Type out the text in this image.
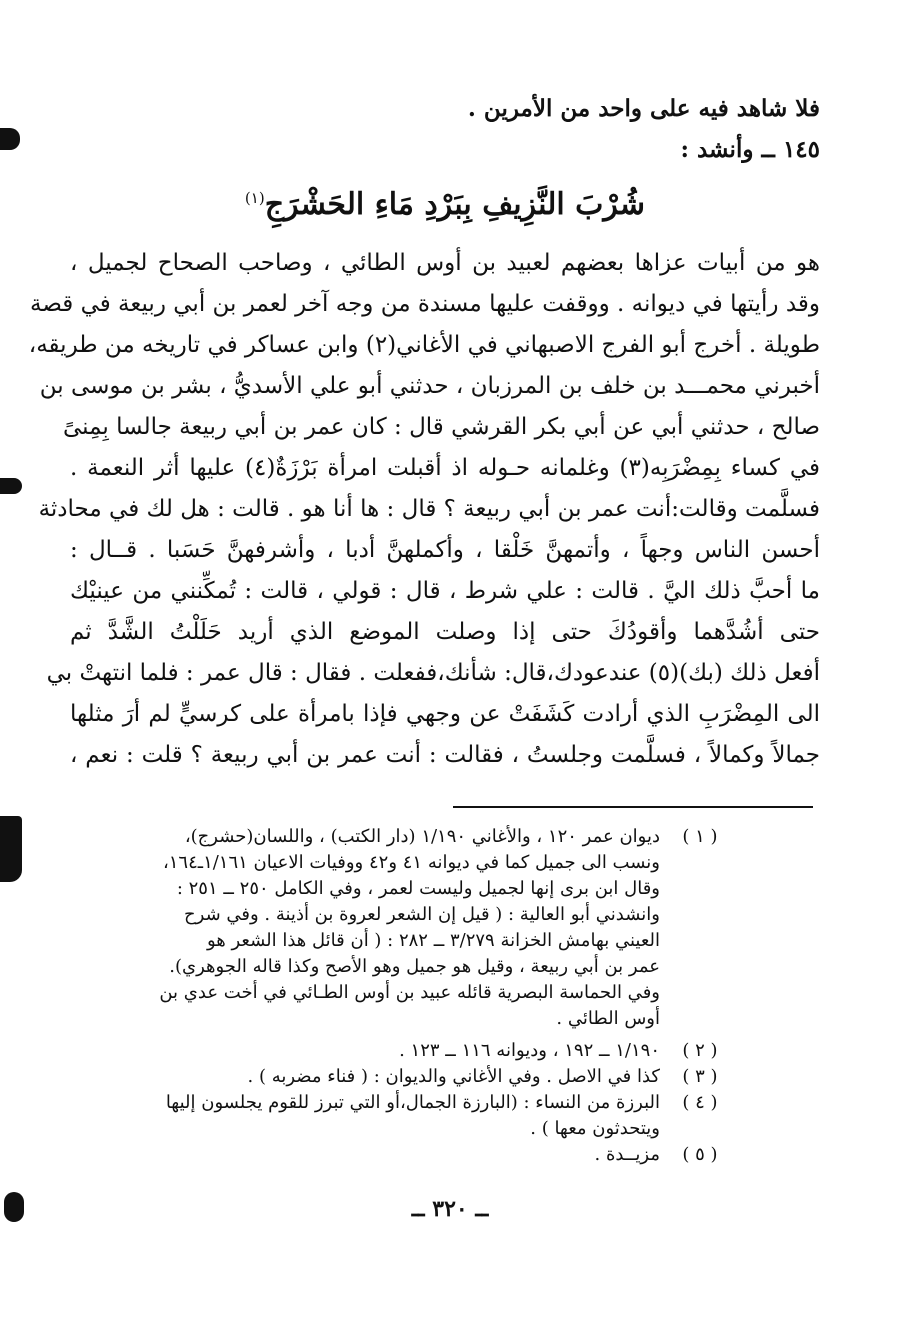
فلا شاهد فيه على واحد من الأمرين .
١٤٥ ــ وأنشد :
شُرْبَ النَّزِيفِ بِبَرْدِ مَاءِ الحَشْرَجِ$^{(١)}$
هو من أبيات عزاها بعضهم لعبيد بن أوس الطائي ، وصاحب الصحاح لجميل ،
وقد رأيتها في ديوانه . ووقفت عليها مسندة من وجه آخر لعمر بن أبي ربيعة في قصة
طويلة . أخرج أبو الفرج الاصبهاني في الأغاني(٢) وابن عساكر في تاريخه من طريقه،
أخبرني محمـــد بن خلف بن المرزبان ، حدثني أبو علي الأسديُّ ، بشر بن موسى بن
صالح ، حدثني أبي عن أبي بكر القرشي قال : كان عمر بن أبي ربيعة جالسا بِمِنىً
في كساء بِمِضْرَبِه(٣) وغلمانه حـوله اذ أقبلت امرأة بَرْزَةٌ(٤) عليها أثر النعمة .
فسلَّمت وقالت:أنت عمر بن أبي ربيعة ؟ قال : ها أنا هو . قالت : هل لك في محادثة
أحسن الناس وجهاً ، وأتمهنَّ خَلْقا ، وأكملهنَّ أدبا ، وأشرفهنَّ حَسَبا . قــال :
ما أحبَّ ذلك اليَّ . قالت : علي شرط ، قال : قولي ، قالت : تُمكِّنني من عينيْك
حتى أشُدَّهما وأقودُكَ حتى إذا وصلت الموضع الذي أريد حَلَلْتُ الشَّدَّ ثم
أفعل ذلك (بك)(٥) عندعودك،قال: شأنك،ففعلت . فقال : قال عمر : فلما انتهتْ بي
الى المِضْرَبِ الذي أرادت كَشَفَتْ عن وجهي فإذا بامرأة على كرسيٍّ لم أرَ مثلها
جمالاً وكمالاً ، فسلَّمت وجلستُ ، فقالت : أنت عمر بن أبي ربيعة ؟ قلت : نعم ،
( ١ )
ديوان عمر ١٢٠ ، والأغاني ١/١٩٠ (دار الكتب) ، واللسان(حشرج)،
ونسب الى جميل كما في ديوانه ٤١ و٤٢ ووفيات الاعيان ١/١٦١ـ١٦٤،
وقال ابن برى إنها لجميل وليست لعمر ، وفي الكامل ٢٥٠ ــ ٢٥١ :
وانشدني أبو العالية : ( قيل إن الشعر لعروة بن أذينة . وفي شرح
العيني بهامش الخزانة ٣/٢٧٩ ــ ٢٨٢ : ( أن قائل هذا الشعر هو
عمر بن أبي ربيعة ، وقيل هو جميل وهو الأصح وكذا قاله الجوهري).
وفي الحماسة البصرية قائله عبيد بن أوس الطـائي في أخت عدي بن
أوس الطائي .
( ٢ )
١/١٩٠ ــ ١٩٢ ، وديوانه ١١٦ ــ ١٢٣ .
( ٣ )
كذا في الاصل . وفي الأغاني والديوان : ( فناء مضربه ) .
( ٤ )
البرزة من النساء : (البارزة الجمال،أو التي تبرز للقوم يجلسون إليها
ويتحدثون معها ) .
( ٥ )
مزيــدة .
ــ ٣٢٠ ــ
